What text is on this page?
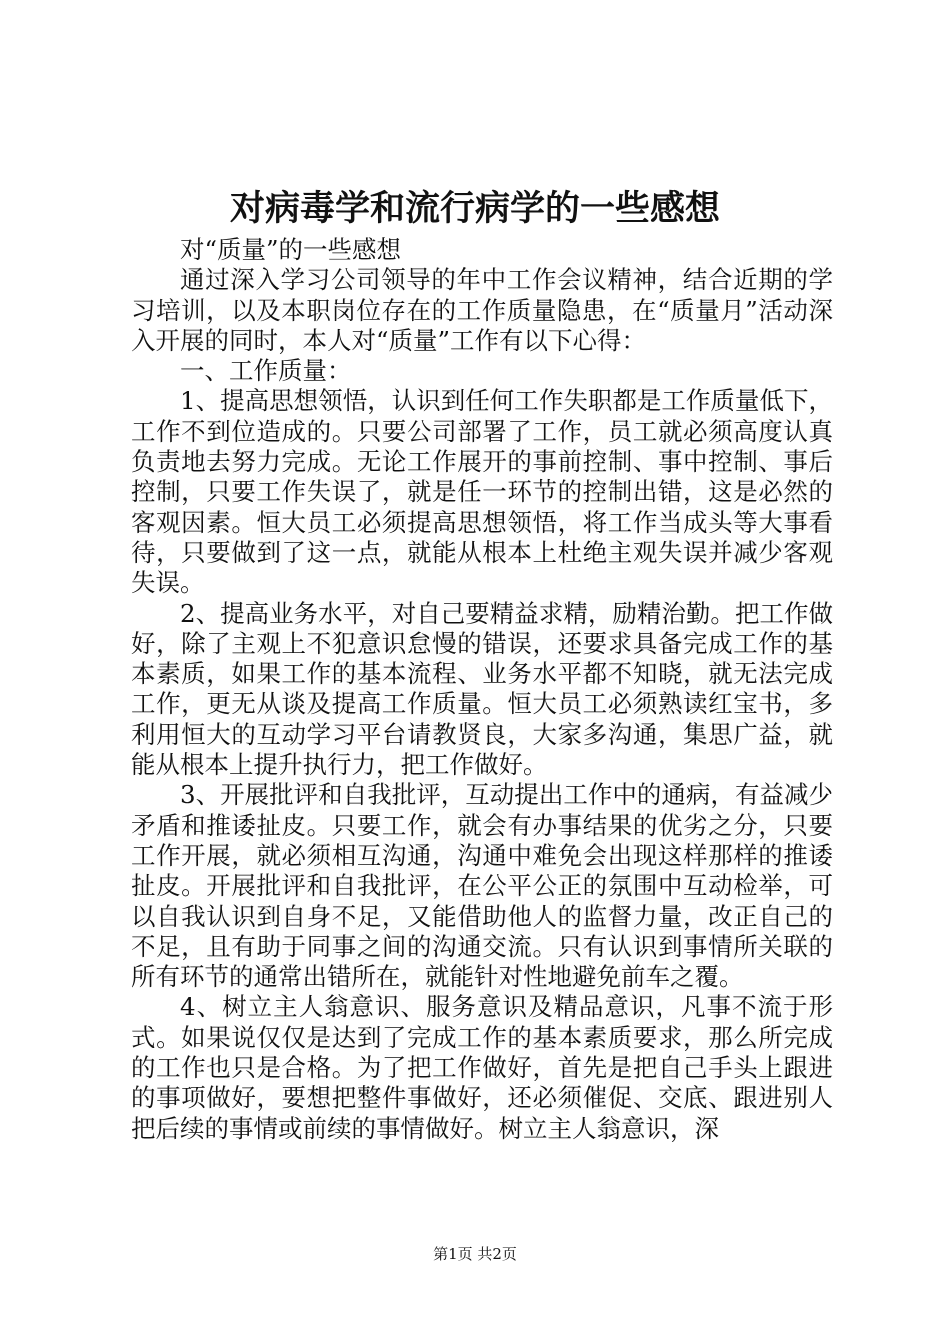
对病毒学和流行病学的一些感想

对“质量”的一些感想

通过深入学习公司领导的年中工作会议精神，结合近期的学习培训，以及本职岗位存在的工作质量隐患，在“质量月”活动深入开展的同时，本人对“质量”工作有以下心得：

一、工作质量：

1、提高思想领悟，认识到任何工作失职都是工作质量低下，工作不到位造成的。只要公司部署了工作，员工就必须高度认真负责地去努力完成。无论工作展开的事前控制、事中控制、事后控制，只要工作失误了，就是任一环节的控制出错，这是必然的客观因素。恒大员工必须提高思想领悟，将工作当成头等大事看待，只要做到了这一点，就能从根本上杜绝主观失误并减少客观失误。

2、提高业务水平，对自己要精益求精，励精治勤。把工作做好，除了主观上不犯意识怠慢的错误，还要求具备完成工作的基本素质，如果工作的基本流程、业务水平都不知晓，就无法完成工作，更无从谈及提高工作质量。恒大员工必须熟读红宝书，多利用恒大的互动学习平台请教贤良，大家多沟通，集思广益，就能从根本上提升执行力，把工作做好。

3、开展批评和自我批评，互动提出工作中的通病，有益减少矛盾和推诿扯皮。只要工作，就会有办事结果的优劣之分，只要工作开展，就必须相互沟通，沟通中难免会出现这样那样的推诿扯皮。开展批评和自我批评，在公平公正的氛围中互动检举，可以自我认识到自身不足，又能借助他人的监督力量，改正自己的不足，且有助于同事之间的沟通交流。只有认识到事情所关联的所有环节的通常出错所在，就能针对性地避免前车之覆。

4、树立主人翁意识、服务意识及精品意识，凡事不流于形式。如果说仅仅是达到了完成工作的基本素质要求，那么所完成的工作也只是合格。为了把工作做好，首先是把自己手头上跟进的事项做好，要想把整件事做好，还必须催促、交底、跟进别人把后续的事情或前续的事情做好。树立主人翁意识，深

第1页 共2页
